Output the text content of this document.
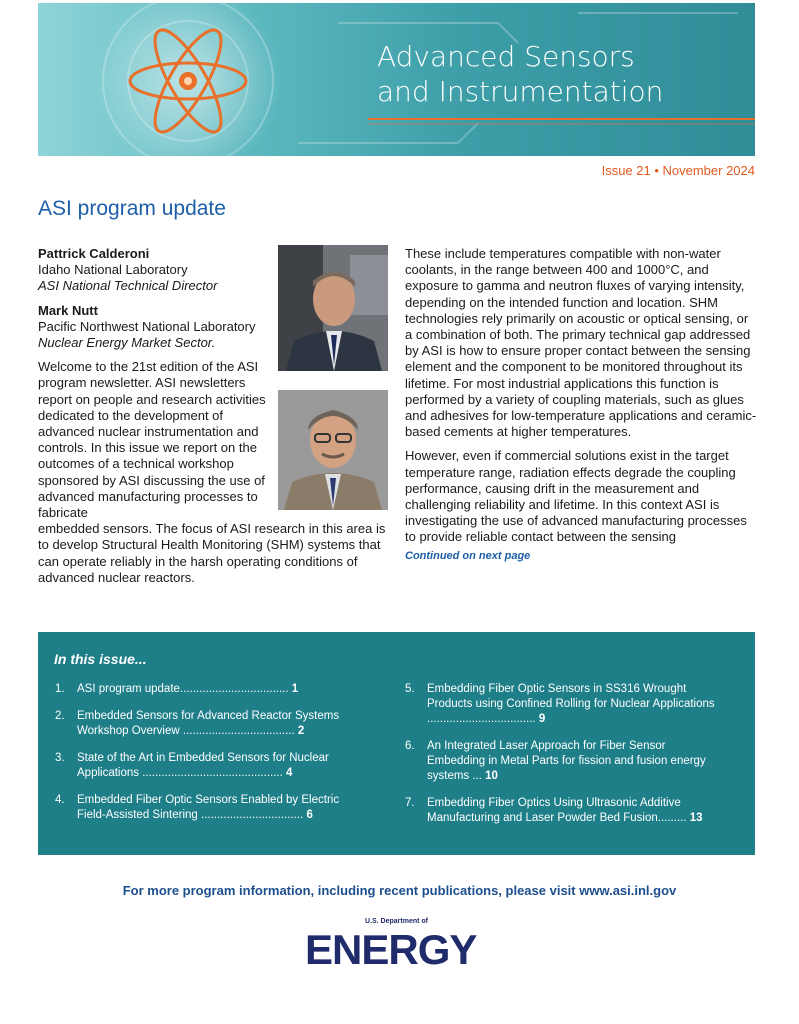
Advanced Sensors
and Instrumentation
Issue 21 • November 2024
ASI program update
Pattrick Calderoni
Idaho National Laboratory
ASI National Technical Director
Mark Nutt
Pacific Northwest National Laboratory
Nuclear Energy Market Sector.

Welcome to the 21st edition of the ASI program newsletter. ASI newsletters report on people and research activities dedicated to the development of advanced nuclear instrumentation and controls. In this issue we report on the outcomes of a technical workshop sponsored by ASI discussing the use of advanced manufacturing processes to fabricate

embedded sensors. The focus of ASI research in this area is to develop Structural Health Monitoring (SHM) systems that can operate reliably in the harsh operating conditions of advanced nuclear reactors.

These include temperatures compatible with non-water coolants, in the range between 400 and 1000°C, and exposure to gamma and neutron fluxes of varying intensity, depending on the intended function and location. SHM technologies rely primarily on acoustic or optical sensing, or a combination of both. The primary technical gap addressed by ASI is how to ensure proper contact between the sensing element and the component to be monitored throughout its lifetime. For most industrial applications this function is performed by a variety of coupling materials, such as glues and adhesives for low-temperature applications and ceramic-based cements at higher temperatures.

However, even if commercial solutions exist in the target temperature range, radiation effects degrade the coupling performance, causing drift in the measurement and challenging reliability and lifetime. In this context ASI is investigating the use of advanced manufacturing processes to provide reliable contact between the sensing

Continued on next page
In this issue...
1.	ASI program update.................................. 1
2.	Embedded Sensors for Advanced Reactor Systems Workshop Overview ................................... 2
3.	State of the Art in Embedded Sensors for Nuclear Applications ............................................ 4
4.	Embedded Fiber Optic Sensors Enabled by Electric Field-Assisted Sintering ................................ 6
5.	Embedding Fiber Optic Sensors in SS316 Wrought Products using Confined Rolling for Nuclear Applications .................................. 9
6.	An Integrated Laser Approach for Fiber Sensor Embedding in Metal Parts for fission and fusion energy systems ... 10
7.	Embedding Fiber Optics Using Ultrasonic Additive Manufacturing and Laser Powder Bed Fusion......... 13
For more program information, including recent publications, please visit www.asi.inl.gov
U.S. Department of
ENERGY
